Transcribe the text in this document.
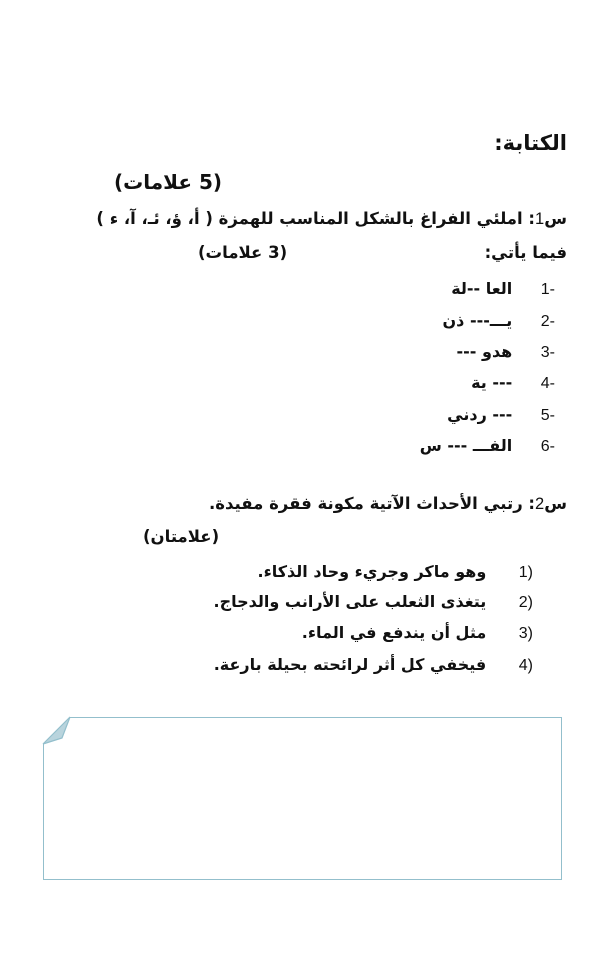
الكتابة:
(5 علامات)
س1: املئي الفراغ بالشكل المناسب للهمزة ( أ، ؤ، ئـ، آ، ء )
فيما يأتي:
(3 علامات)
-1   العا --لة
-2   يـــ--- ذن
-3   هدو ---
-4   --- ية
-5   --- ردني
-6   الفـــ --- س
س2: رتبي الأحداث الآتية مكونة فقرة مفيدة.
(علامتان)
(1   وهو ماكر وجريء وحاد الذكاء.
(2   يتغذى الثعلب على الأرانب والدجاج.
(3   مثل أن يندفع في الماء.
(4   فيخفي كل أثر لرائحته بحيلة بارعة.
